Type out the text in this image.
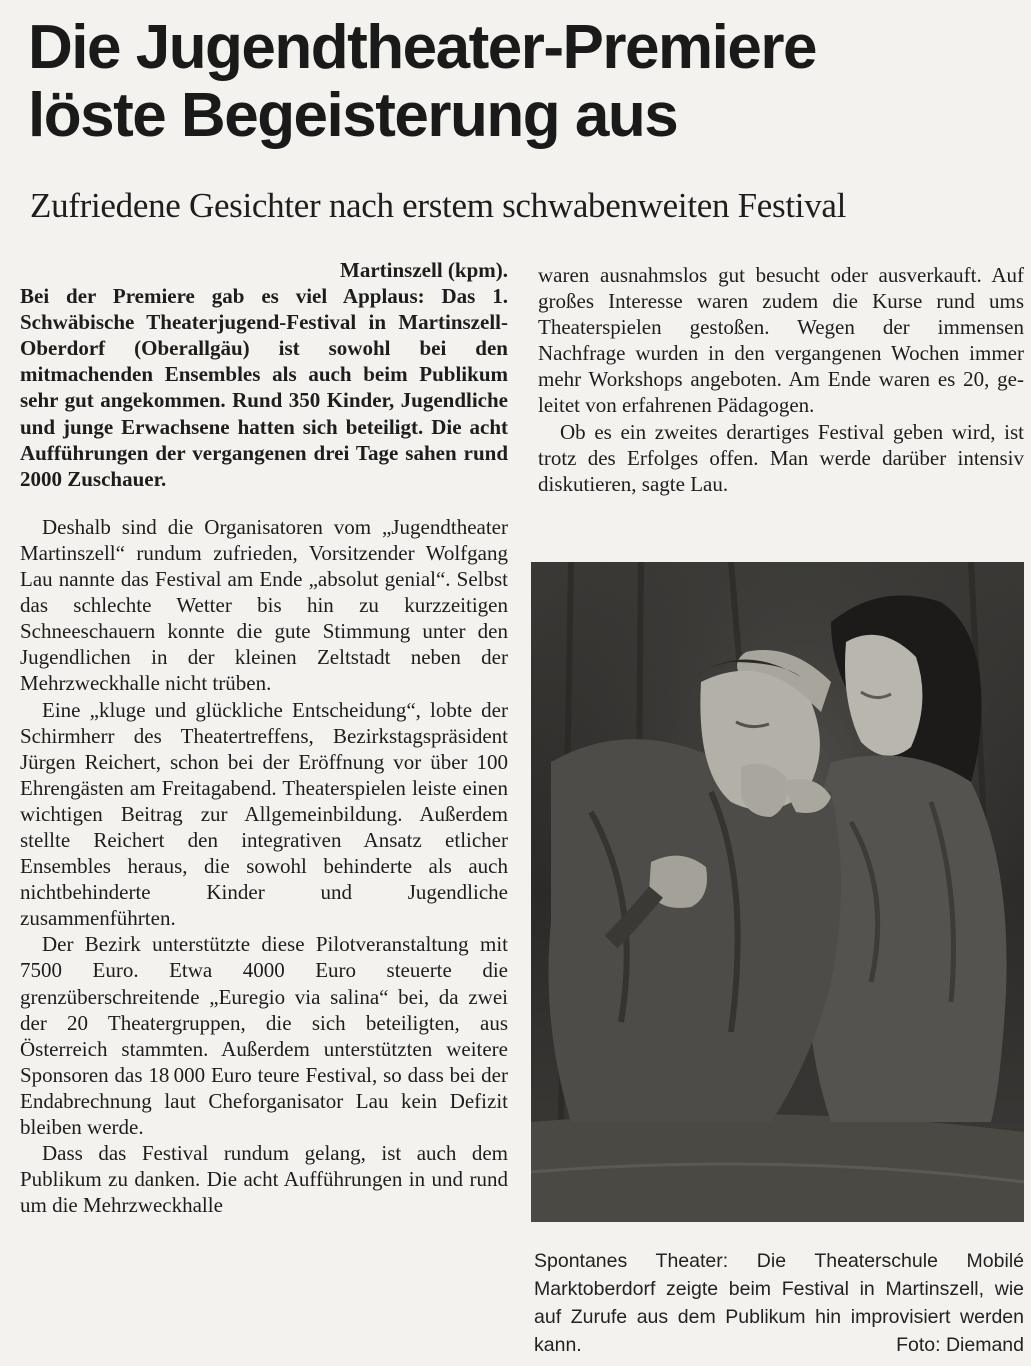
Die Jugendtheater-Premiere
löste Begeisterung aus
Zufriedene Gesichter nach erstem schwabenweiten Festival

Martinszell (kpm).

Bei der Premiere gab es viel Applaus: Das 1. Schwäbische Theaterjugend-Festival in Martinszell-Oberdorf (Oberallgäu) ist sowohl bei den mitmachenden Ensembles als auch beim Publikum sehr gut angekommen. Rund 350 Kinder, Jugendliche und junge Erwachsene hatten sich beteiligt. Die acht Aufführungen der vergangenen drei Tage sahen rund 2000 Zuschauer.

Deshalb sind die Organisatoren vom „Jugendtheater Martinszell“ rundum zufrieden, Vorsitzender Wolfgang Lau nannte das Festival am Ende „absolut genial“. Selbst das schlechte Wetter bis hin zu kurzzeitigen Schneeschauern konnte die gute Stimmung unter den Jugendlichen in der kleinen Zeltstadt neben der Mehrzweckhalle nicht trüben.

Eine „kluge und glückliche Entscheidung“, lobte der Schirmherr des Theatertreffens, Bezirkstagspräsident Jürgen Reichert, schon bei der Eröffnung vor über 100 Ehrengästen am Freitagabend. Theaterspielen leiste einen wichtigen Beitrag zur Allgemeinbildung. Außerdem stellte Reichert den integrativen Ansatz etlicher Ensembles heraus, die sowohl behinderte als auch nichtbehinderte Kinder und Jugendliche zusammenführten.

Der Bezirk unterstützte diese Pilotveranstaltung mit 7500 Euro. Etwa 4000 Euro steuerte die grenzüberschreitende „Euregio via salina“ bei, da zwei der 20 Theatergruppen, die sich beteiligten, aus Österreich stammten. Außerdem unterstützten weitere Sponsoren das 18 000 Euro teure Festival, so dass bei der Endabrechnung laut Cheforganisator Lau kein Defizit bleiben werde.

Dass das Festival rundum gelang, ist auch dem Publikum zu danken. Die acht Aufführungen in und rund um die Mehrzweckhalle

waren ausnahmslos gut besucht oder ausverkauft. Auf großes Interesse waren zudem die Kurse rund ums Theaterspielen gestoßen. Wegen der immensen Nachfrage wurden in den vergangenen Wochen immer mehr Workshops angeboten. Am Ende waren es 20, geleitet von erfahrenen Pädagogen.

Ob es ein zweites derartiges Festival geben wird, ist trotz des Erfolges offen. Man werde darüber intensiv diskutieren, sagte Lau.

Spontanes Theater: Die Theaterschule Mobilé Marktoberdorf zeigte beim Festival in Martinszell, wie auf Zurufe aus dem Publikum hin improvisiert werden kann.	Foto: Diemand
